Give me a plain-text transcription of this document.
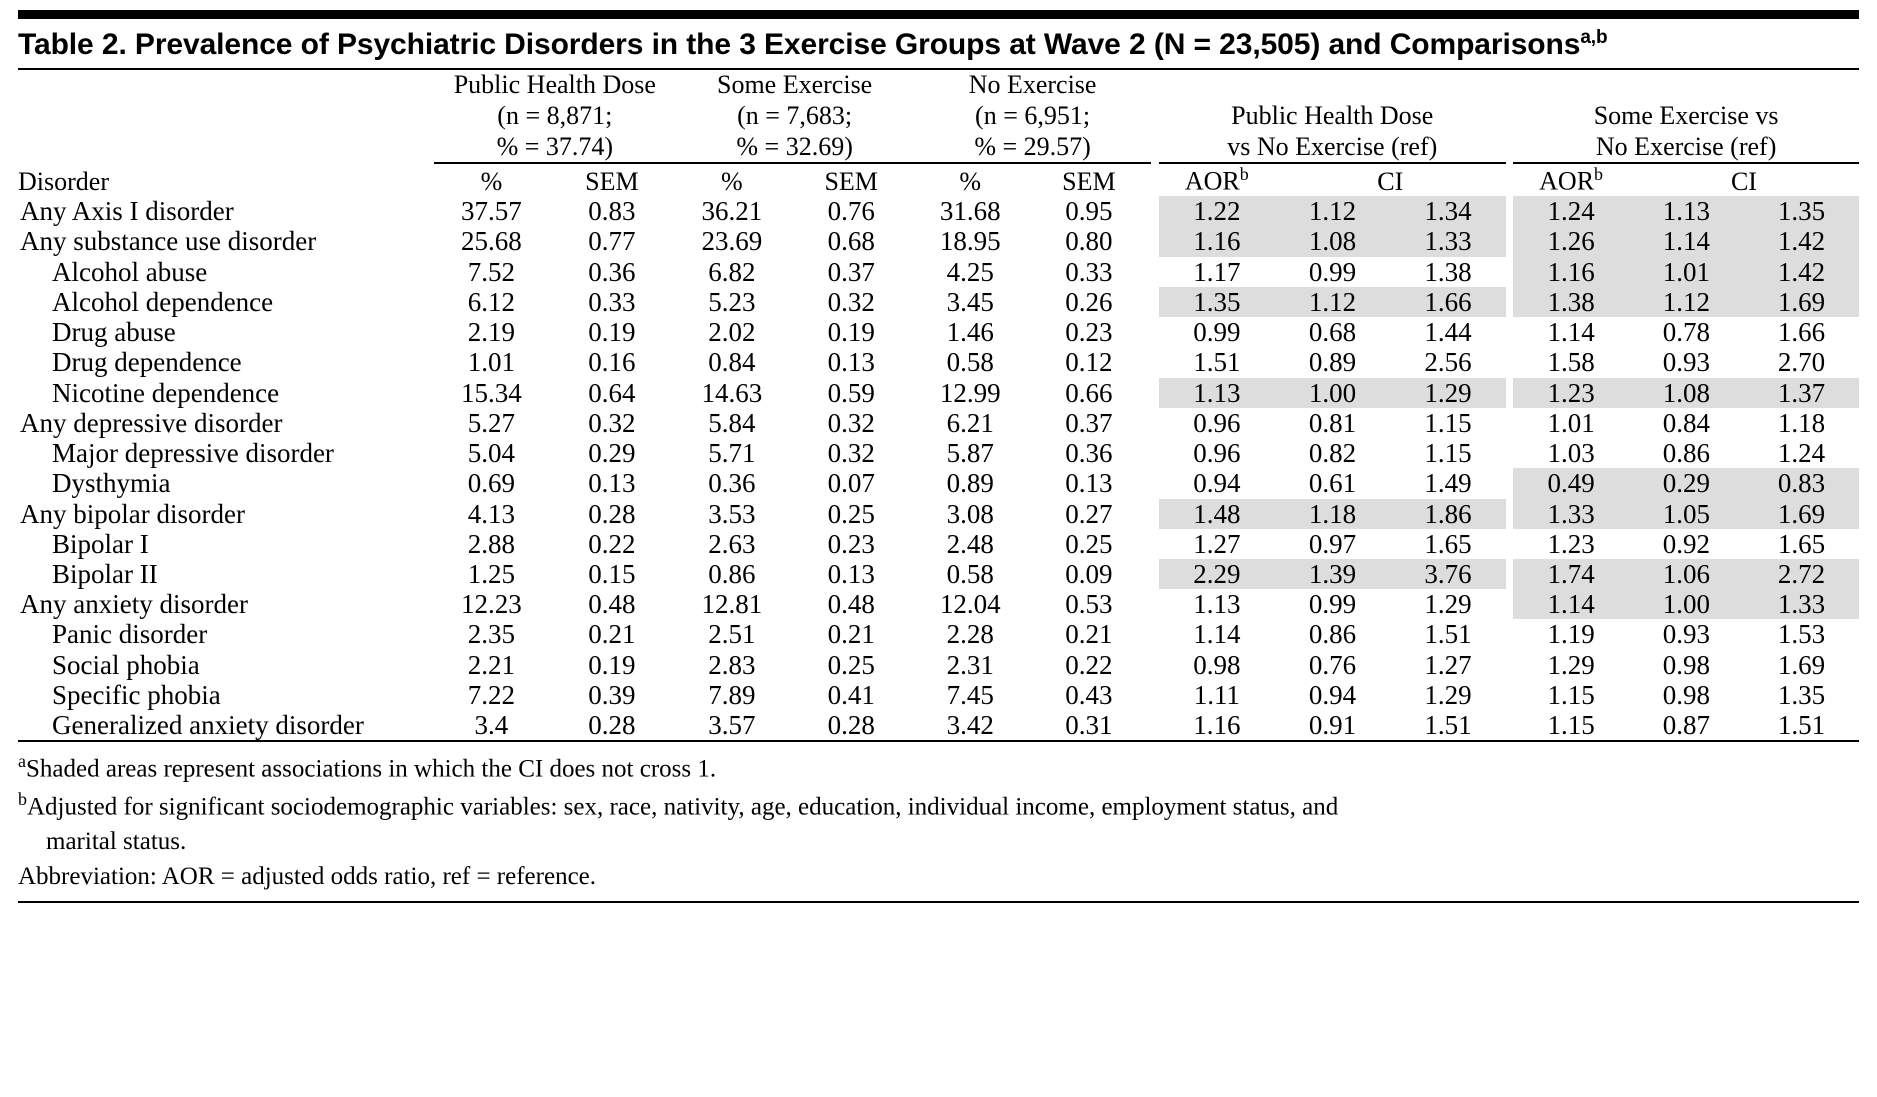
Table 2. Prevalence of Psychiatric Disorders in the 3 Exercise Groups at Wave 2 (N = 23,505) and Comparisons$^{a,b}$

	Public Health Dose
(n = 8,871;
% = 37.74)		Some Exercise
(n = 7,683;
% = 32.69)		No Exercise
(n = 6,951;
% = 29.57)			Public Health Dose
vs No Exercise (ref)				Some Exercise vs
No Exercise (ref)		

Disorder	%	SEM	%	SEM	%	SEM		AOR$^b$	CI			AOR$^b$	CI	
Any Axis I disorder	37.57	0.83	36.21	0.76	31.68	0.95		1.22	1.12	1.34		1.24	1.13	1.35
Any substance use disorder	25.68	0.77	23.69	0.68	18.95	0.80		1.16	1.08	1.33		1.26	1.14	1.42
Alcohol abuse	7.52	0.36	6.82	0.37	4.25	0.33		1.17	0.99	1.38		1.16	1.01	1.42
Alcohol dependence	6.12	0.33	5.23	0.32	3.45	0.26		1.35	1.12	1.66		1.38	1.12	1.69
Drug abuse	2.19	0.19	2.02	0.19	1.46	0.23		0.99	0.68	1.44		1.14	0.78	1.66
Drug dependence	1.01	0.16	0.84	0.13	0.58	0.12		1.51	0.89	2.56		1.58	0.93	2.70
Nicotine dependence	15.34	0.64	14.63	0.59	12.99	0.66		1.13	1.00	1.29		1.23	1.08	1.37
Any depressive disorder	5.27	0.32	5.84	0.32	6.21	0.37		0.96	0.81	1.15		1.01	0.84	1.18
Major depressive disorder	5.04	0.29	5.71	0.32	5.87	0.36		0.96	0.82	1.15		1.03	0.86	1.24
Dysthymia	0.69	0.13	0.36	0.07	0.89	0.13		0.94	0.61	1.49		0.49	0.29	0.83
Any bipolar disorder	4.13	0.28	3.53	0.25	3.08	0.27		1.48	1.18	1.86		1.33	1.05	1.69
Bipolar I	2.88	0.22	2.63	0.23	2.48	0.25		1.27	0.97	1.65		1.23	0.92	1.65
Bipolar II	1.25	0.15	0.86	0.13	0.58	0.09		2.29	1.39	3.76		1.74	1.06	2.72
Any anxiety disorder	12.23	0.48	12.81	0.48	12.04	0.53		1.13	0.99	1.29		1.14	1.00	1.33
Panic disorder	2.35	0.21	2.51	0.21	2.28	0.21		1.14	0.86	1.51		1.19	0.93	1.53
Social phobia	2.21	0.19	2.83	0.25	2.31	0.22		0.98	0.76	1.27		1.29	0.98	1.69
Specific phobia	7.22	0.39	7.89	0.41	7.45	0.43		1.11	0.94	1.29		1.15	0.98	1.35
Generalized anxiety disorder	3.4	0.28	3.57	0.28	3.42	0.31		1.16	0.91	1.51		1.15	0.87	1.51

$^a$Shaded areas represent associations in which the CI does not cross 1.

$^b$Adjusted for significant sociodemographic variables: sex, race, nativity, age, education, individual income, employment status, and

marital status.

Abbreviation: AOR = adjusted odds ratio, ref = reference.
